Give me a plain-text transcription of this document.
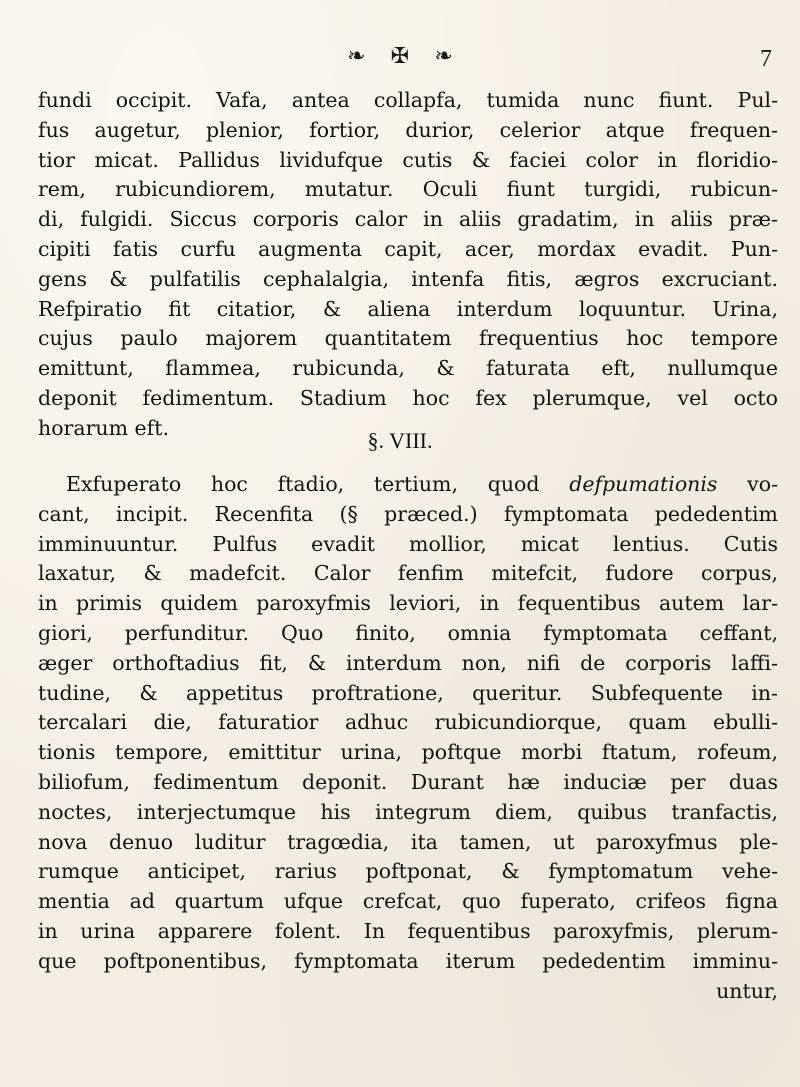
❧ ✠ ❧	7
fundi occipit. Vafa, antea collapfa, tumida nunc fiunt. Pul-
fus augetur, plenior, fortior, durior, celerior atque frequen-
tior micat. Pallidus lividufque cutis & faciei color in floridio-
rem, rubicundiorem, mutatur. Oculi fiunt turgidi, rubicun-
di, fulgidi. Siccus corporis calor in aliis gradatim, in aliis præ-
cipiti fatis curfu augmenta capit, acer, mordax evadit. Pun-
gens & pulfatilis cephalalgia, intenfa fitis, ægros excruciant.
Refpiratio fit citatior, & aliena interdum loquuntur. Urina,
cujus paulo majorem quantitatem frequentius hoc tempore
emittunt, flammea, rubicunda, & faturata eft, nullumque
deponit fedimentum. Stadium hoc fex plerumque, vel octo
horarum eft.
§. VIII.
Exfuperato hoc ftadio, tertium, quod defpumationis vo-
cant, incipit. Recenfita (§ præced.) fymptomata pededentim
imminuuntur. Pulfus evadit mollior, micat lentius. Cutis
laxatur, & madefcit. Calor fenfim mitefcit, fudore corpus,
in primis quidem paroxyfmis leviori, in fequentibus autem lar-
giori, perfunditur. Quo finito, omnia fymptomata ceffant,
æger orthoftadius fit, & interdum non, nifi de corporis laffi-
tudine, & appetitus proftratione, queritur. Subfequente in-
tercalari die, faturatior adhuc rubicundiorque, quam ebulli-
tionis tempore, emittitur urina, poftque morbi ftatum, rofeum,
biliofum, fedimentum deponit. Durant hæ induciæ per duas
noctes, interjectumque his integrum diem, quibus tranfactis,
nova denuo luditur tragœdia, ita tamen, ut paroxyfmus ple-
rumque anticipet, rarius poftponat, & fymptomatum vehe-
mentia ad quartum ufque crefcat, quo fuperato, crifeos figna
in urina apparere folent. In fequentibus paroxyfmis, plerum-
que poftponentibus, fymptomata iterum pededentim imminu-
untur,
